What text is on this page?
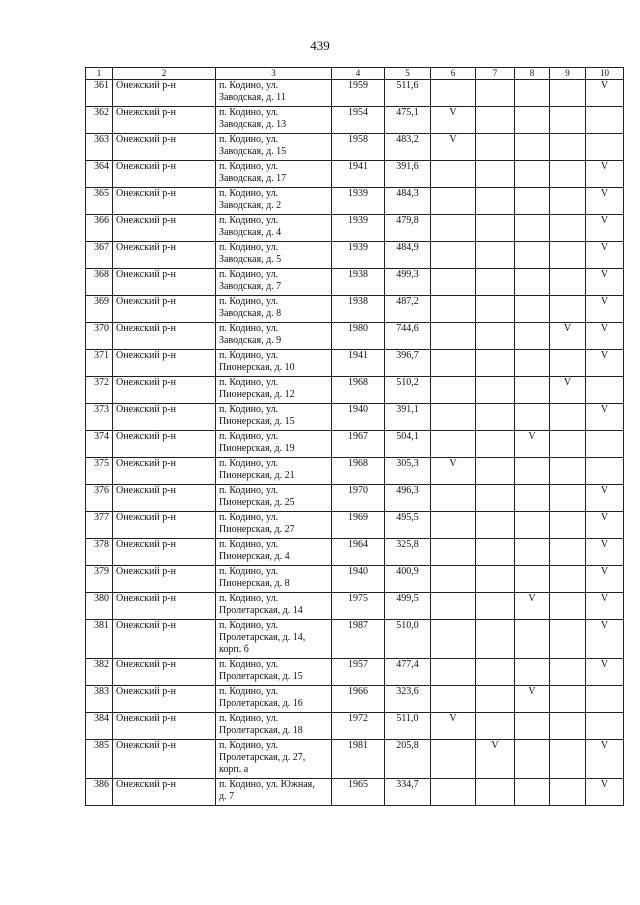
439
1	2	3	4	5	6	7	8	9	10
361	Онежский р-н	п. Кодино, ул.
Заводская, д. 11	1959	511,6					V
362	Онежский р-н	п. Кодино, ул.
Заводская, д. 13	1954	475,1	V				
363	Онежский р-н	п. Кодино, ул.
Заводская, д. 15	1958	483,2	V				
364	Онежский р-н	п. Кодино, ул.
Заводская, д. 17	1941	391,6					V
365	Онежский р-н	п. Кодино, ул.
Заводская, д. 2	1939	484,3					V
366	Онежский р-н	п. Кодино, ул.
Заводская, д. 4	1939	479,8					V
367	Онежский р-н	п. Кодино, ул.
Заводская, д. 5	1939	484,9					V
368	Онежский р-н	п. Кодино, ул.
Заводская, д. 7	1938	499,3					V
369	Онежский р-н	п. Кодино, ул.
Заводская, д. 8	1938	487,2					V
370	Онежский р-н	п. Кодино, ул.
Заводская, д. 9	1980	744,6				V	V
371	Онежский р-н	п. Кодино, ул.
Пионерская, д. 10	1941	396,7					V
372	Онежский р-н	п. Кодино, ул.
Пионерская, д. 12	1968	510,2				V	
373	Онежский р-н	п. Кодино, ул.
Пионерская, д. 15	1940	391,1					V
374	Онежский р-н	п. Кодино, ул.
Пионерская, д. 19	1967	504,1			V		
375	Онежский р-н	п. Кодино, ул.
Пионерская, д. 21	1968	305,3	V				
376	Онежский р-н	п. Кодино, ул.
Пионерская, д. 25	1970	496,3					V
377	Онежский р-н	п. Кодино, ул.
Пионерская, д. 27	1969	495,5					V
378	Онежский р-н	п. Кодино, ул.
Пионерская, д. 4	1964	325,8					V
379	Онежский р-н	п. Кодино, ул.
Пионерская, д. 8	1940	400,9					V
380	Онежский р-н	п. Кодино, ул.
Пролетарская, д. 14	1975	499,5			V		V
381	Онежский р-н	п. Кодино, ул.
Пролетарская, д. 14,
корп. б	1987	510,0					V
382	Онежский р-н	п. Кодино, ул.
Пролетарская, д. 15	1957	477,4					V
383	Онежский р-н	п. Кодино, ул.
Пролетарская, д. 16	1966	323,6			V		
384	Онежский р-н	п. Кодино, ул.
Пролетарская, д. 18	1972	511,0	V				
385	Онежский р-н	п. Кодино, ул.
Пролетарская, д. 27,
корп. а	1981	205,8		V			V
386	Онежский р-н	п. Кодино, ул. Южная,
д. 7	1965	334,7					V
